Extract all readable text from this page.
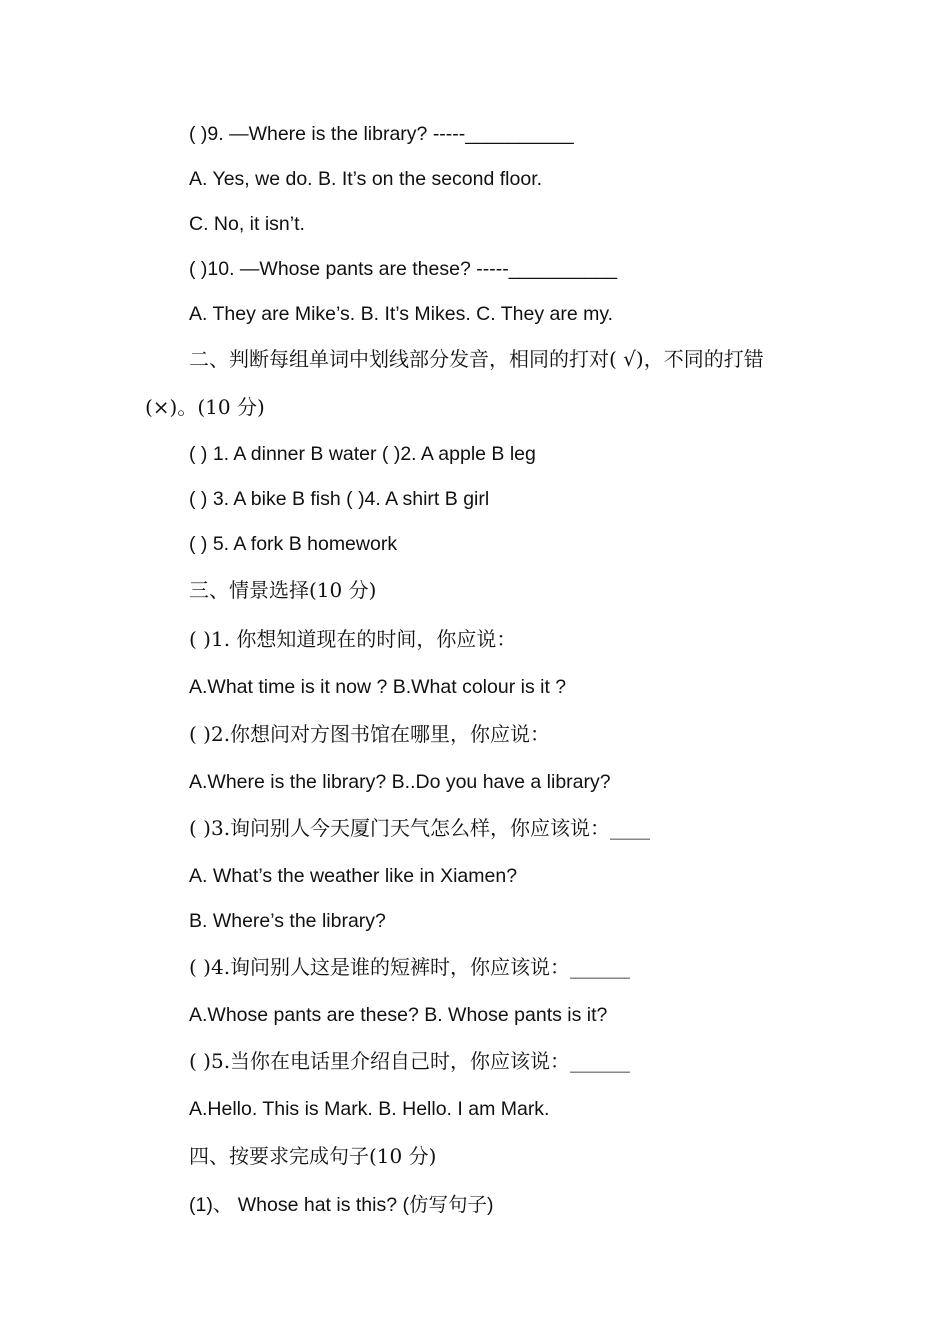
( )9. —Where is the library? -----__________
A. Yes, we do. B. It’s on the second floor.
C. No, it isn’t.
( )10. —Whose pants are these? -----__________
A. They are Mike’s. B. It’s Mikes. C. They are my.
二、判断每组单词中划线部分发音，相同的打对( √)，不同的打错
(×)。(10 分)
( ) 1. A dinner B water ( )2. A apple B leg
( ) 3. A bike B fish ( )4. A shirt B girl
( ) 5. A fork B homework
三、情景选择(10 分)
( )1. 你想知道现在的时间，你应说：
A.What time is it now ? B.What colour is it ?
( )2.你想问对方图书馆在哪里，你应说：
A.Where is the library? B..Do you have a library?
( )3.询问别人今天厦门天气怎么样，你应该说：____
A. What’s the weather like in Xiamen?
B. Where’s the library?
( )4.询问别人这是谁的短裤时，你应该说：______
A.Whose pants are these? B. Whose pants is it?
( )5.当你在电话里介绍自己时，你应该说：______
A.Hello. This is Mark. B. Hello. I am Mark.
四、按要求完成句子(10 分)
(1)、 Whose hat is this? (仿写句子)
